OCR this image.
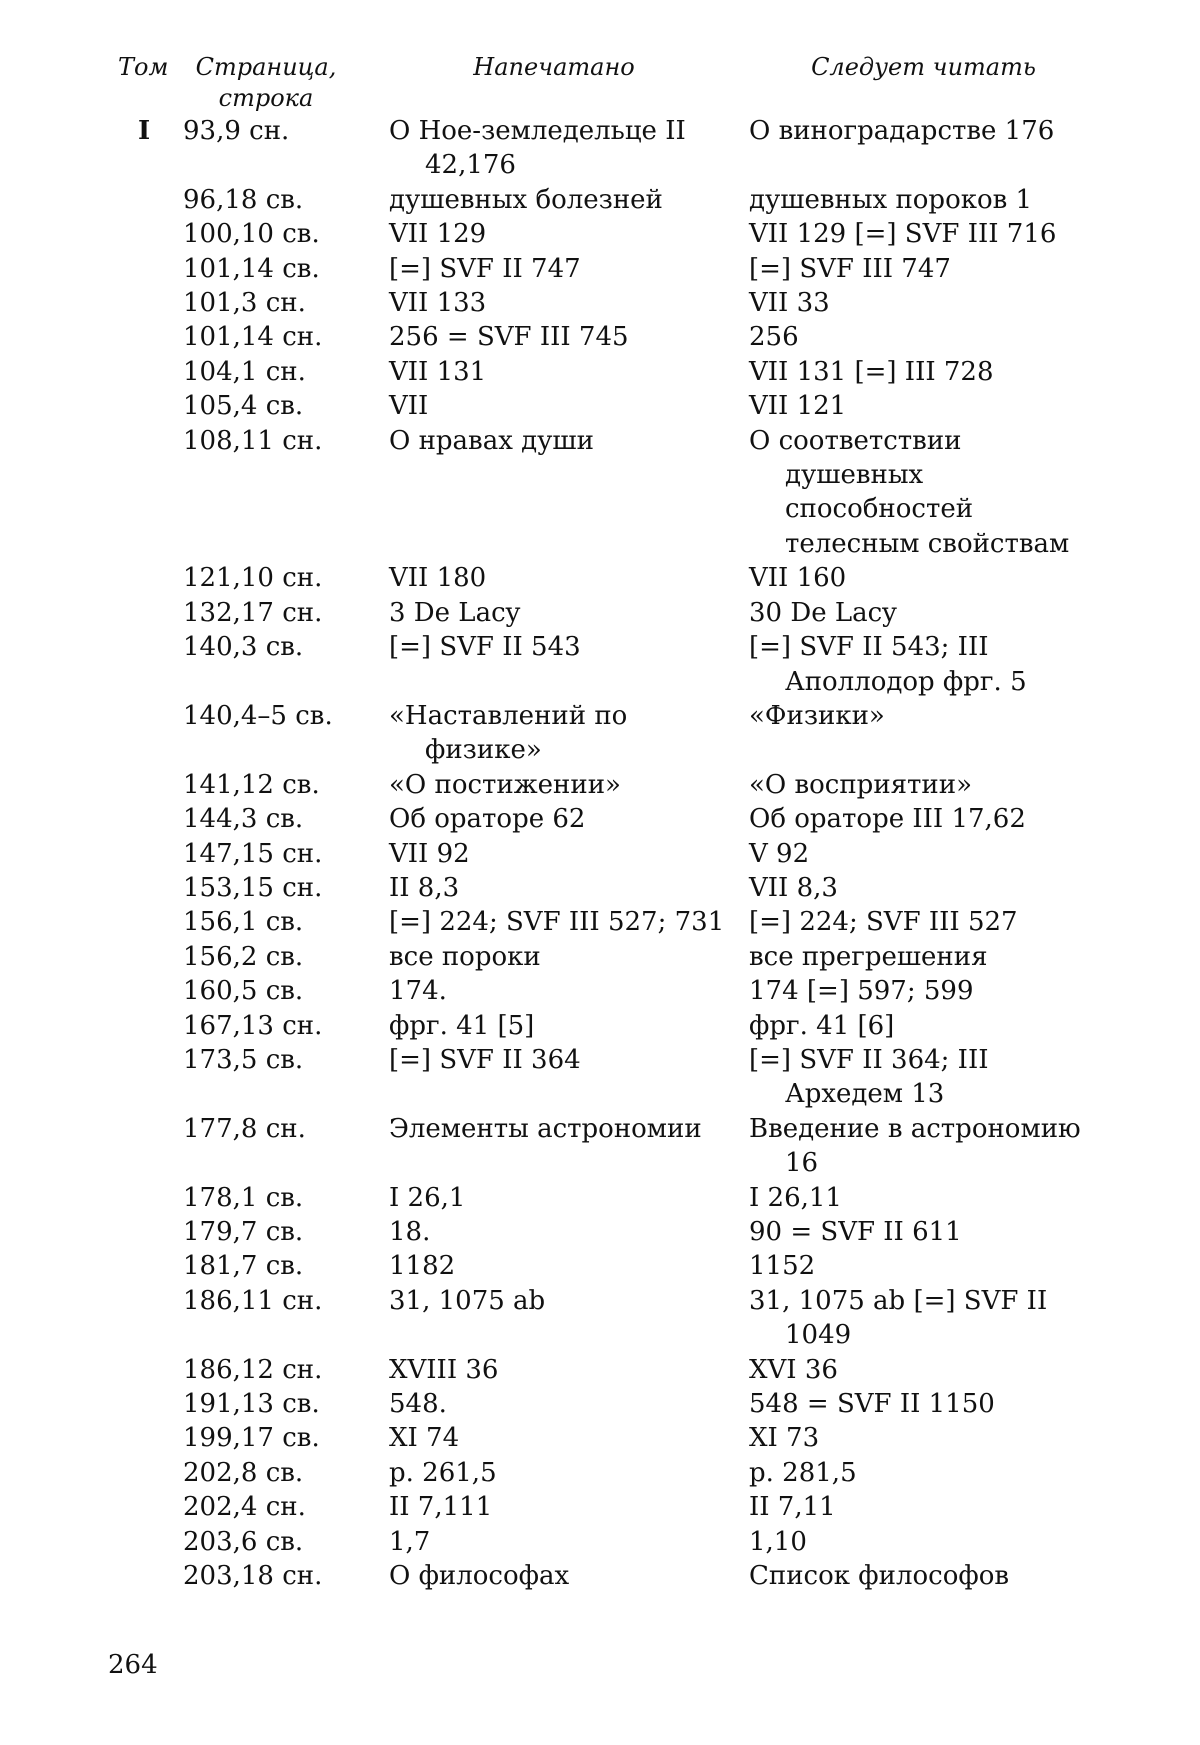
Том	Страница, строка	Напечатано	Следует читать
I	93,9 сн.	О Ное-земледельце II 42,176	О виноградарстве 176
	96,18 св.	душевных болезней	душевных пороков 1
	100,10 св.	VII 129	VII 129 [=] SVF III 716
	101,14 св.	[=] SVF II 747	[=] SVF III 747
	101,3 сн.	VII 133	VII 33
	101,14 сн.	256 = SVF III 745	256
	104,1 сн.	VII 131	VII 131 [=] III 728
	105,4 св.	VII	VII 121
	108,11 сн.	О нравах души	О соответствии душевных способностей телесным свойствам
	121,10 сн.	VII 180	VII 160
	132,17 сн.	3 De Lacy	30 De Lacy
	140,3 св.	[=] SVF II 543	[=] SVF II 543; III Аполлодор фрг. 5
	140,4–5 св.	«Наставлений по физике»	«Физики»
	141,12 св.	«О постижении»	«О восприятии»
	144,3 св.	Об ораторе 62	Об ораторе III 17,62
	147,15 сн.	VII 92	V 92
	153,15 сн.	II 8,3	VII 8,3
	156,1 св.	[=] 224; SVF III 527; 731	[=] 224; SVF III 527
	156,2 св.	все пороки	все прегрешения
	160,5 св.	174.	174 [=] 597; 599
	167,13 сн.	фрг. 41 [5]	фрг. 41 [6]
	173,5 св.	[=] SVF II 364	[=] SVF II 364; III Архедем 13
	177,8 сн.	Элементы астрономии	Введение в астрономию 16
	178,1 св.	I 26,1	I 26,11
	179,7 св.	18.	90 = SVF II 611
	181,7 св.	1182	1152
	186,11 сн.	31, 1075 ab	31, 1075 ab [=] SVF II 1049
	186,12 сн.	XVIII 36	XVI 36
	191,13 св.	548.	548 = SVF II 1150
	199,17 св.	XI 74	XI 73
	202,8 св.	p. 261,5	p. 281,5
	202,4 сн.	II 7,111	II 7,11
	203,6 св.	1,7	1,10
	203,18 сн.	О философах	Список философов
264
